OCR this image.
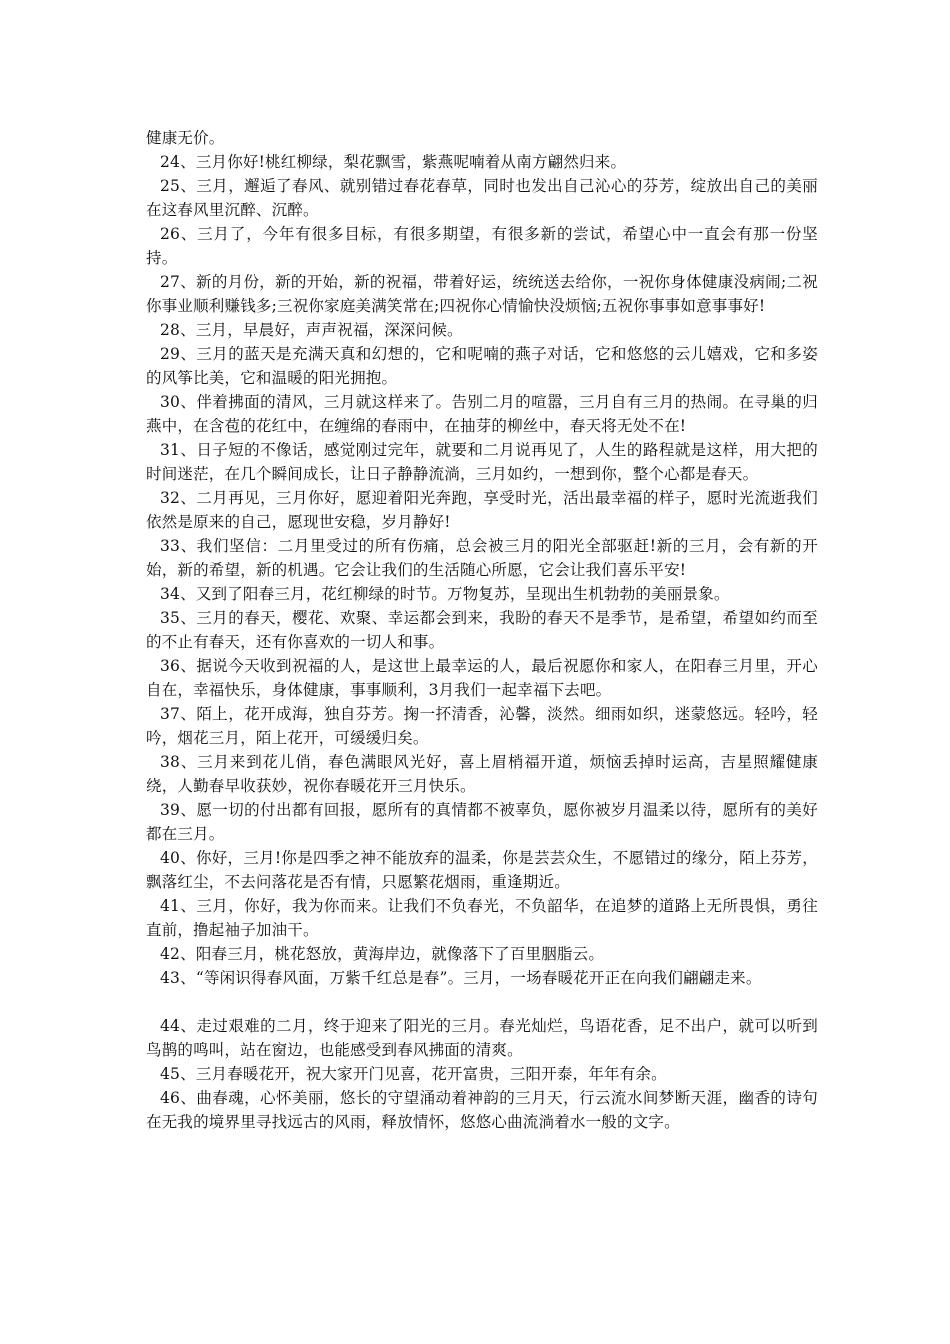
健康无价。

24、三月你好!桃红柳绿，梨花飘雪，紫燕呢喃着从南方翩然归来。

25、三月，邂逅了春风、就别错过春花春草，同时也发出自己沁心的芬芳，绽放出自己的美丽在这春风里沉醉、沉醉。

26、三月了，今年有很多目标，有很多期望，有很多新的尝试，希望心中一直会有那一份坚持。

27、新的月份，新的开始，新的祝福，带着好运，统统送去给你，一祝你身体健康没病闹;二祝你事业顺利赚钱多;三祝你家庭美满笑常在;四祝你心情愉快没烦恼;五祝你事事如意事事好!

28、三月，早晨好，声声祝福，深深问候。

29、三月的蓝天是充满天真和幻想的，它和呢喃的燕子对话，它和悠悠的云儿嬉戏，它和多姿的风筝比美，它和温暖的阳光拥抱。

30、伴着拂面的清风，三月就这样来了。告别二月的喧嚣，三月自有三月的热闹。在寻巢的归燕中，在含苞的花红中，在缠绵的春雨中，在抽芽的柳丝中，春天将无处不在!

31、日子短的不像话，感觉刚过完年，就要和二月说再见了，人生的路程就是这样，用大把的时间迷茫，在几个瞬间成长，让日子静静流淌，三月如约，一想到你，整个心都是春天。

32、二月再见，三月你好，愿迎着阳光奔跑，享受时光，活出最幸福的样子，愿时光流逝我们依然是原来的自己，愿现世安稳，岁月静好!

33、我们坚信：二月里受过的所有伤痛，总会被三月的阳光全部驱赶!新的三月，会有新的开始，新的希望，新的机遇。它会让我们的生活随心所愿，它会让我们喜乐平安!

34、又到了阳春三月，花红柳绿的时节。万物复苏，呈现出生机勃勃的美丽景象。

35、三月的春天，樱花、欢聚、幸运都会到来，我盼的春天不是季节，是希望，希望如约而至的不止有春天，还有你喜欢的一切人和事。

36、据说今天收到祝福的人，是这世上最幸运的人，最后祝愿你和家人，在阳春三月里，开心自在，幸福快乐，身体健康，事事顺利，3月我们一起幸福下去吧。

37、陌上，花开成海，独自芬芳。掬一抔清香，沁馨，淡然。细雨如织，迷蒙悠远。轻吟，轻吟，烟花三月，陌上花开，可缓缓归矣。

38、三月来到花儿俏，春色满眼风光好，喜上眉梢福开道，烦恼丢掉时运高，吉星照耀健康绕，人勤春早收获妙，祝你春暖花开三月快乐。

39、愿一切的付出都有回报，愿所有的真情都不被辜负，愿你被岁月温柔以待，愿所有的美好都在三月。

40、你好，三月!你是四季之神不能放弃的温柔，你是芸芸众生，不愿错过的缘分，陌上芬芳，飘落红尘，不去问落花是否有情，只愿繁花烟雨，重逢期近。

41、三月，你好，我为你而来。让我们不负春光，不负韶华，在追梦的道路上无所畏惧，勇往直前，撸起袖子加油干。

42、阳春三月，桃花怒放，黄海岸边，就像落下了百里胭脂云。

43、“等闲识得春风面，万紫千红总是春”。三月，一场春暖花开正在向我们翩翩走来。

44、走过艰难的二月，终于迎来了阳光的三月。春光灿烂，鸟语花香，足不出户，就可以听到鸟鹊的鸣叫，站在窗边，也能感受到春风拂面的清爽。

45、三月春暖花开，祝大家开门见喜，花开富贵，三阳开泰，年年有余。

46、曲春魂，心怀美丽，悠长的守望涌动着神韵的三月天，行云流水间梦断天涯，幽香的诗句在无我的境界里寻找远古的风雨，释放情怀，悠悠心曲流淌着水一般的文字。
